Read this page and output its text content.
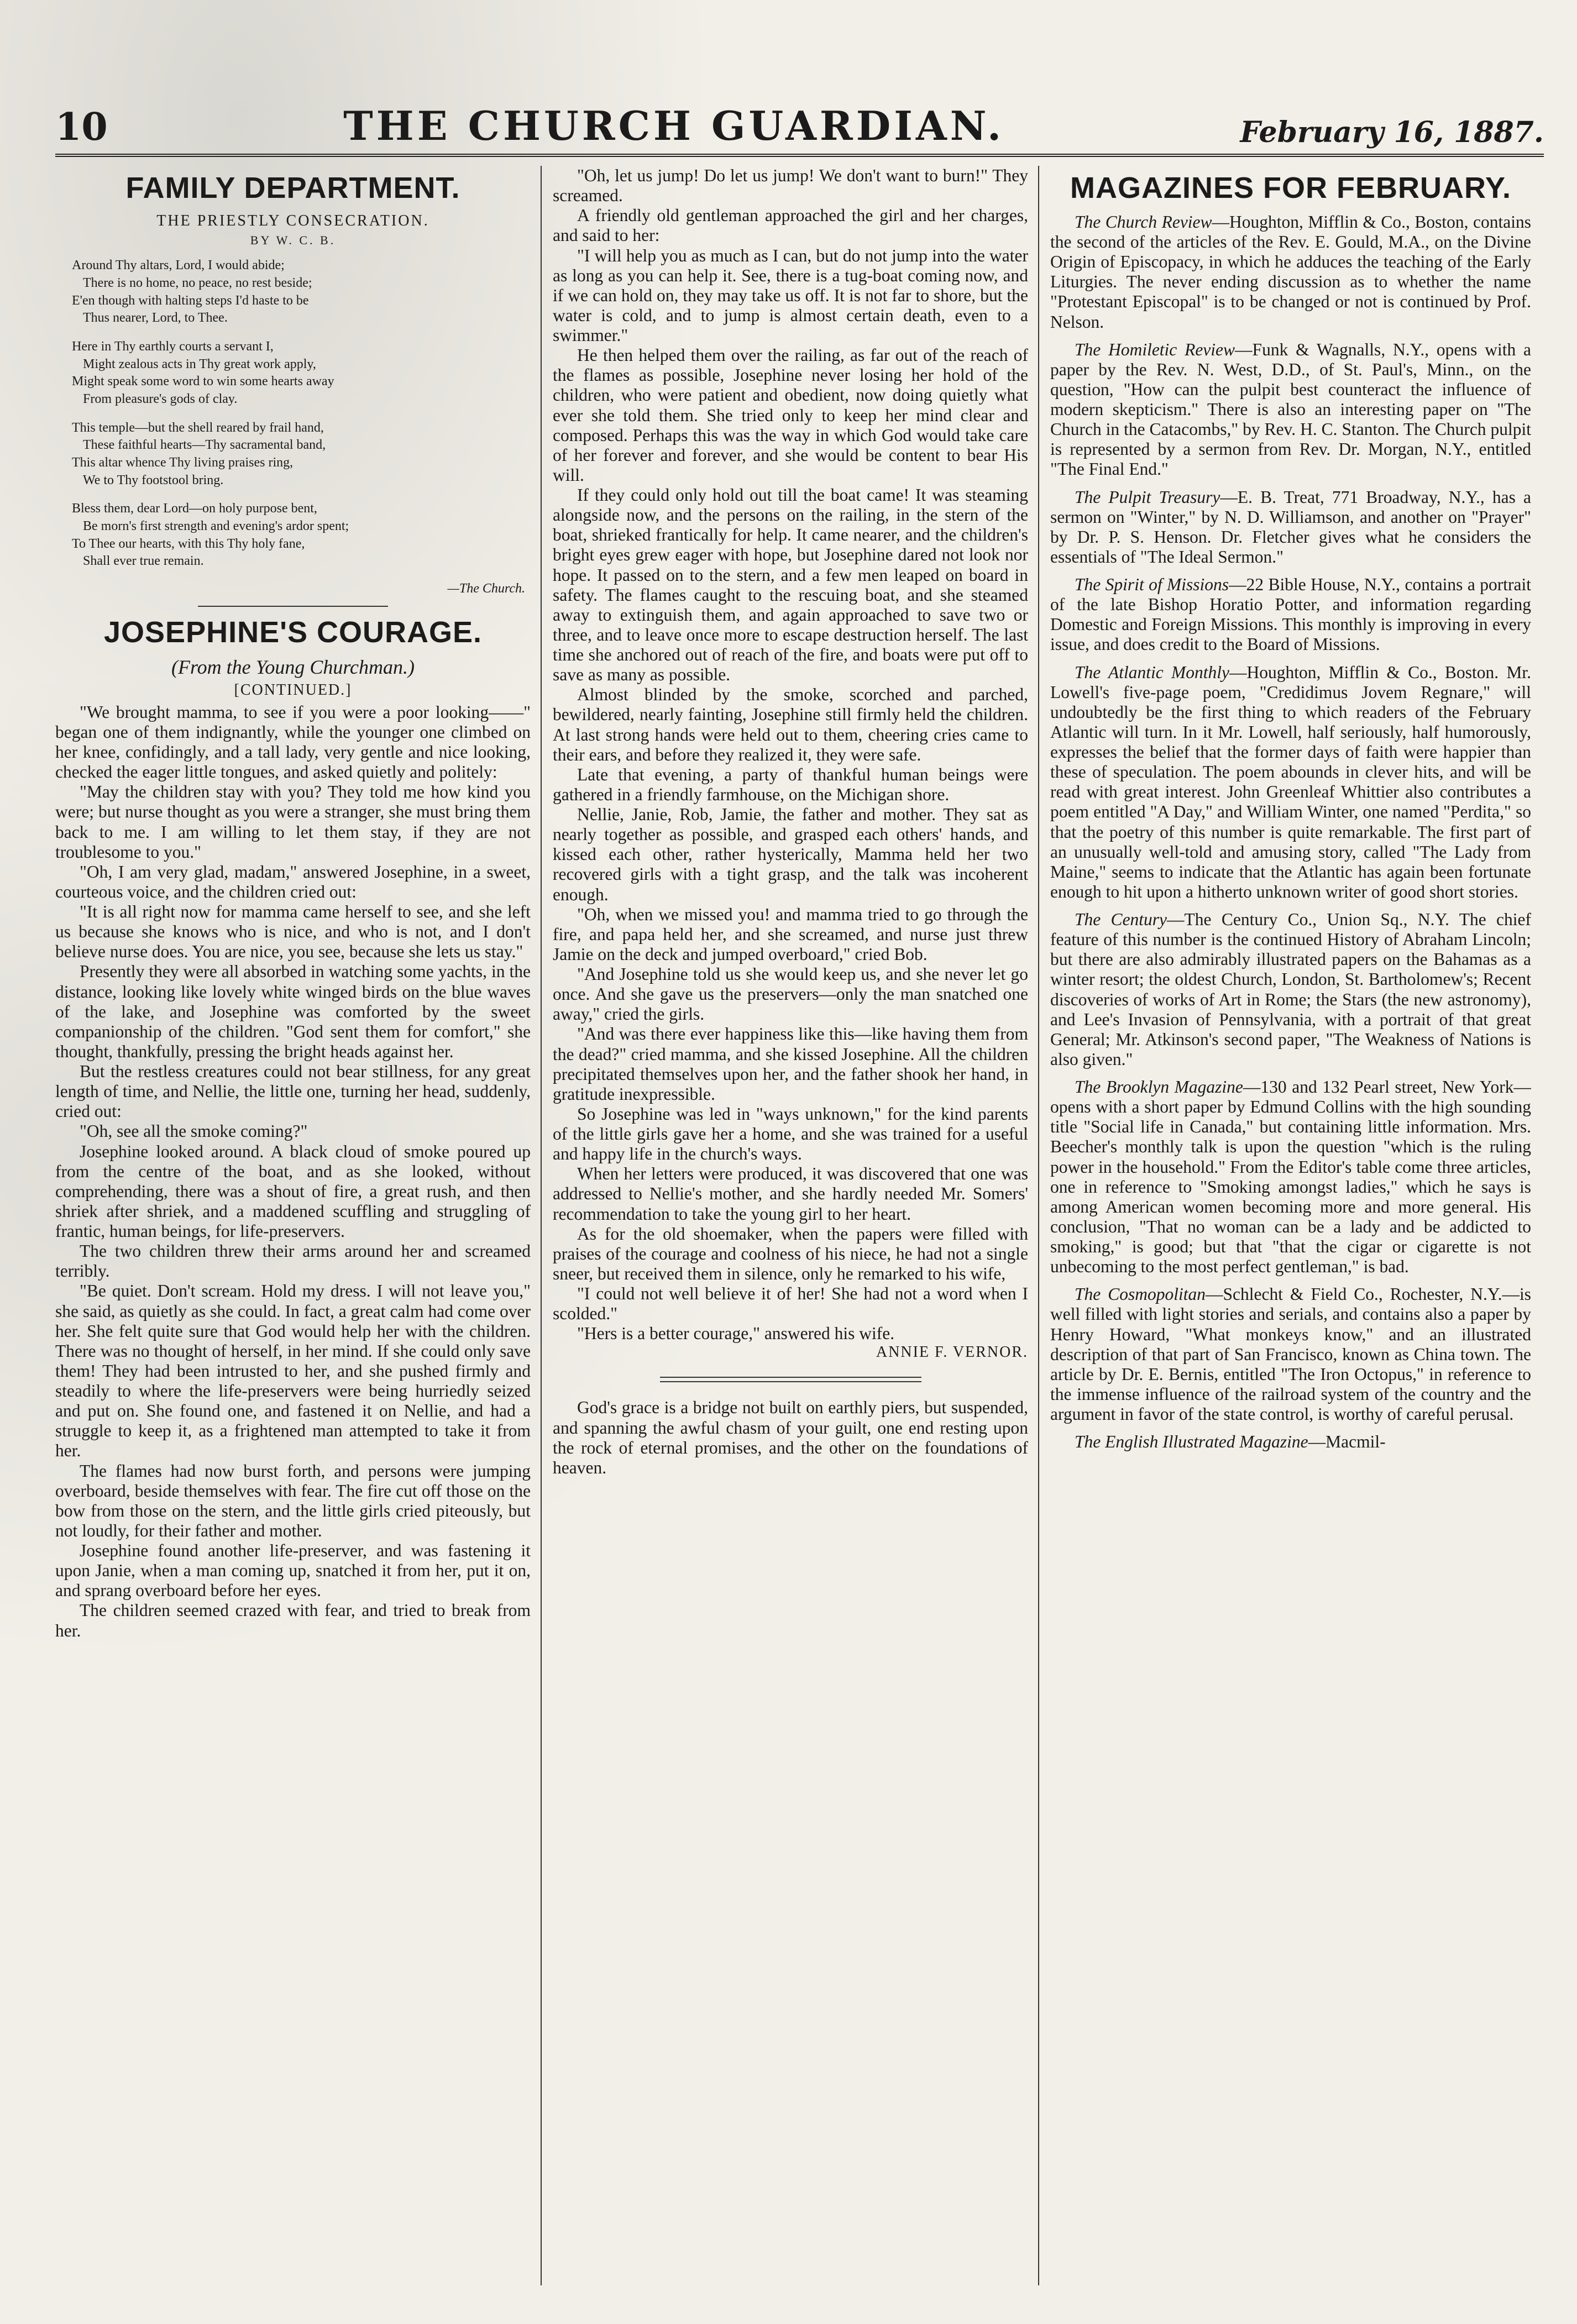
10	THE CHURCH GUARDIAN.	February 16, 1887.
FAMILY DEPARTMENT.
THE PRIESTLY CONSECRATION.
BY W. C. B.

Around Thy altars, Lord, I would abide;

There is no home, no peace, no rest beside;

E'en though with halting steps I'd haste to be

Thus nearer, Lord, to Thee.

Here in Thy earthly courts a servant I,

Might zealous acts in Thy great work apply,

Might speak some word to win some hearts away

From pleasure's gods of clay.

This temple—but the shell reared by frail hand,

These faithful hearts—Thy sacramental band,

This altar whence Thy living praises ring,

We to Thy footstool bring.

Bless them, dear Lord—on holy purpose bent,

Be morn's first strength and evening's ardor spent;

To Thee our hearts, with this Thy holy fane,

Shall ever true remain.

—The Church.
JOSEPHINE'S COURAGE.
(From the Young Churchman.)
[CONTINUED.]

"We brought mamma, to see if you were a poor looking——" began one of them indignantly, while the younger one climbed on her knee, confidingly, and a tall lady, very gentle and nice looking, checked the eager little tongues, and asked quietly and politely:

"May the children stay with you? They told me how kind you were; but nurse thought as you were a stranger, she must bring them back to me. I am willing to let them stay, if they are not troublesome to you."

"Oh, I am very glad, madam," answered Josephine, in a sweet, courteous voice, and the children cried out:

"It is all right now for mamma came herself to see, and she left us because she knows who is nice, and who is not, and I don't believe nurse does. You are nice, you see, because she lets us stay."

Presently they were all absorbed in watching some yachts, in the distance, looking like lovely white winged birds on the blue waves of the lake, and Josephine was comforted by the sweet companionship of the children. "God sent them for comfort," she thought, thankfully, pressing the bright heads against her.

But the restless creatures could not bear stillness, for any great length of time, and Nellie, the little one, turning her head, suddenly, cried out:

"Oh, see all the smoke coming?"

Josephine looked around. A black cloud of smoke poured up from the centre of the boat, and as she looked, without comprehending, there was a shout of fire, a great rush, and then shriek after shriek, and a maddened scuffling and struggling of frantic, human beings, for life-preservers.

The two children threw their arms around her and screamed terribly.

"Be quiet. Don't scream. Hold my dress. I will not leave you," she said, as quietly as she could. In fact, a great calm had come over her. She felt quite sure that God would help her with the children. There was no thought of herself, in her mind. If she could only save them! They had been intrusted to her, and she pushed firmly and steadily to where the life-preservers were being hurriedly seized and put on. She found one, and fastened it on Nellie, and had a struggle to keep it, as a frightened man attempted to take it from her.

The flames had now burst forth, and persons were jumping overboard, beside themselves with fear. The fire cut off those on the bow from those on the stern, and the little girls cried piteously, but not loudly, for their father and mother.

Josephine found another life-preserver, and was fastening it upon Janie, when a man coming up, snatched it from her, put it on, and sprang overboard before her eyes.

The children seemed crazed with fear, and tried to break from her.

"Oh, let us jump! Do let us jump! We don't want to burn!" They screamed.

A friendly old gentleman approached the girl and her charges, and said to her:

"I will help you as much as I can, but do not jump into the water as long as you can help it. See, there is a tug-boat coming now, and if we can hold on, they may take us off. It is not far to shore, but the water is cold, and to jump is almost certain death, even to a swimmer."

He then helped them over the railing, as far out of the reach of the flames as possible, Josephine never losing her hold of the children, who were patient and obedient, now doing quietly what ever she told them. She tried only to keep her mind clear and composed. Perhaps this was the way in which God would take care of her forever and forever, and she would be content to bear His will.

If they could only hold out till the boat came! It was steaming alongside now, and the persons on the railing, in the stern of the boat, shrieked frantically for help. It came nearer, and the children's bright eyes grew eager with hope, but Josephine dared not look nor hope. It passed on to the stern, and a few men leaped on board in safety. The flames caught to the rescuing boat, and she steamed away to extinguish them, and again approached to save two or three, and to leave once more to escape destruction herself. The last time she anchored out of reach of the fire, and boats were put off to save as many as possible.

Almost blinded by the smoke, scorched and parched, bewildered, nearly fainting, Josephine still firmly held the children. At last strong hands were held out to them, cheering cries came to their ears, and before they realized it, they were safe.

Late that evening, a party of thankful human beings were gathered in a friendly farmhouse, on the Michigan shore.

Nellie, Janie, Rob, Jamie, the father and mother. They sat as nearly together as possible, and grasped each others' hands, and kissed each other, rather hysterically, Mamma held her two recovered girls with a tight grasp, and the talk was incoherent enough.

"Oh, when we missed you! and mamma tried to go through the fire, and papa held her, and she screamed, and nurse just threw Jamie on the deck and jumped overboard," cried Bob.

"And Josephine told us she would keep us, and she never let go once. And she gave us the preservers—only the man snatched one away," cried the girls.

"And was there ever happiness like this—like having them from the dead?" cried mamma, and she kissed Josephine. All the children precipitated themselves upon her, and the father shook her hand, in gratitude inexpressible.

So Josephine was led in "ways unknown," for the kind parents of the little girls gave her a home, and she was trained for a useful and happy life in the church's ways.

When her letters were produced, it was discovered that one was addressed to Nellie's mother, and she hardly needed Mr. Somers' recommendation to take the young girl to her heart.

As for the old shoemaker, when the papers were filled with praises of the courage and coolness of his niece, he had not a single sneer, but received them in silence, only he remarked to his wife,

"I could not well believe it of her! She had not a word when I scolded."

"Hers is a better courage," answered his wife.

ANNIE F. VERNOR.

God's grace is a bridge not built on earthly piers, but suspended, and spanning the awful chasm of your guilt, one end resting upon the rock of eternal promises, and the other on the foundations of heaven.

MAGAZINES FOR FEBRUARY.

The Church Review—Houghton, Mifflin & Co., Boston, contains the second of the articles of the Rev. E. Gould, M.A., on the Divine Origin of Episcopacy, in which he adduces the teaching of the Early Liturgies. The never ending discussion as to whether the name "Protestant Episcopal" is to be changed or not is continued by Prof. Nelson.

The Homiletic Review—Funk & Wagnalls, N.Y., opens with a paper by the Rev. N. West, D.D., of St. Paul's, Minn., on the question, "How can the pulpit best counteract the influence of modern skepticism." There is also an interesting paper on "The Church in the Catacombs," by Rev. H. C. Stanton. The Church pulpit is represented by a sermon from Rev. Dr. Morgan, N.Y., entitled "The Final End."

The Pulpit Treasury—E. B. Treat, 771 Broadway, N.Y., has a sermon on "Winter," by N. D. Williamson, and another on "Prayer" by Dr. P. S. Henson. Dr. Fletcher gives what he considers the essentials of "The Ideal Sermon."

The Spirit of Missions—22 Bible House, N.Y., contains a portrait of the late Bishop Horatio Potter, and information regarding Domestic and Foreign Missions. This monthly is improving in every issue, and does credit to the Board of Missions.

The Atlantic Monthly—Houghton, Mifflin & Co., Boston. Mr. Lowell's five-page poem, "Credidimus Jovem Regnare," will undoubtedly be the first thing to which readers of the February Atlantic will turn. In it Mr. Lowell, half seriously, half humorously, expresses the belief that the former days of faith were happier than these of speculation. The poem abounds in clever hits, and will be read with great interest. John Greenleaf Whittier also contributes a poem entitled "A Day," and William Winter, one named "Perdita," so that the poetry of this number is quite remarkable. The first part of an unusually well-told and amusing story, called "The Lady from Maine," seems to indicate that the Atlantic has again been fortunate enough to hit upon a hitherto unknown writer of good short stories.

The Century—The Century Co., Union Sq., N.Y. The chief feature of this number is the continued History of Abraham Lincoln; but there are also admirably illustrated papers on the Bahamas as a winter resort; the oldest Church, London, St. Bartholomew's; Recent discoveries of works of Art in Rome; the Stars (the new astronomy), and Lee's Invasion of Pennsylvania, with a portrait of that great General; Mr. Atkinson's second paper, "The Weakness of Nations is also given."

The Brooklyn Magazine—130 and 132 Pearl street, New York—opens with a short paper by Edmund Collins with the high sounding title "Social life in Canada," but containing little information. Mrs. Beecher's monthly talk is upon the question "which is the ruling power in the household." From the Editor's table come three articles, one in reference to "Smoking amongst ladies," which he says is among American women becoming more and more general. His conclusion, "That no woman can be a lady and be addicted to smoking," is good; but that "that the cigar or cigarette is not unbecoming to the most perfect gentleman," is bad.

The Cosmopolitan—Schlecht & Field Co., Rochester, N.Y.—is well filled with light stories and serials, and contains also a paper by Henry Howard, "What monkeys know," and an illustrated description of that part of San Francisco, known as China town. The article by Dr. E. Bernis, entitled "The Iron Octopus," in reference to the immense influence of the railroad system of the country and the argument in favor of the state control, is worthy of careful perusal.

The English Illustrated Magazine—Macmil-
